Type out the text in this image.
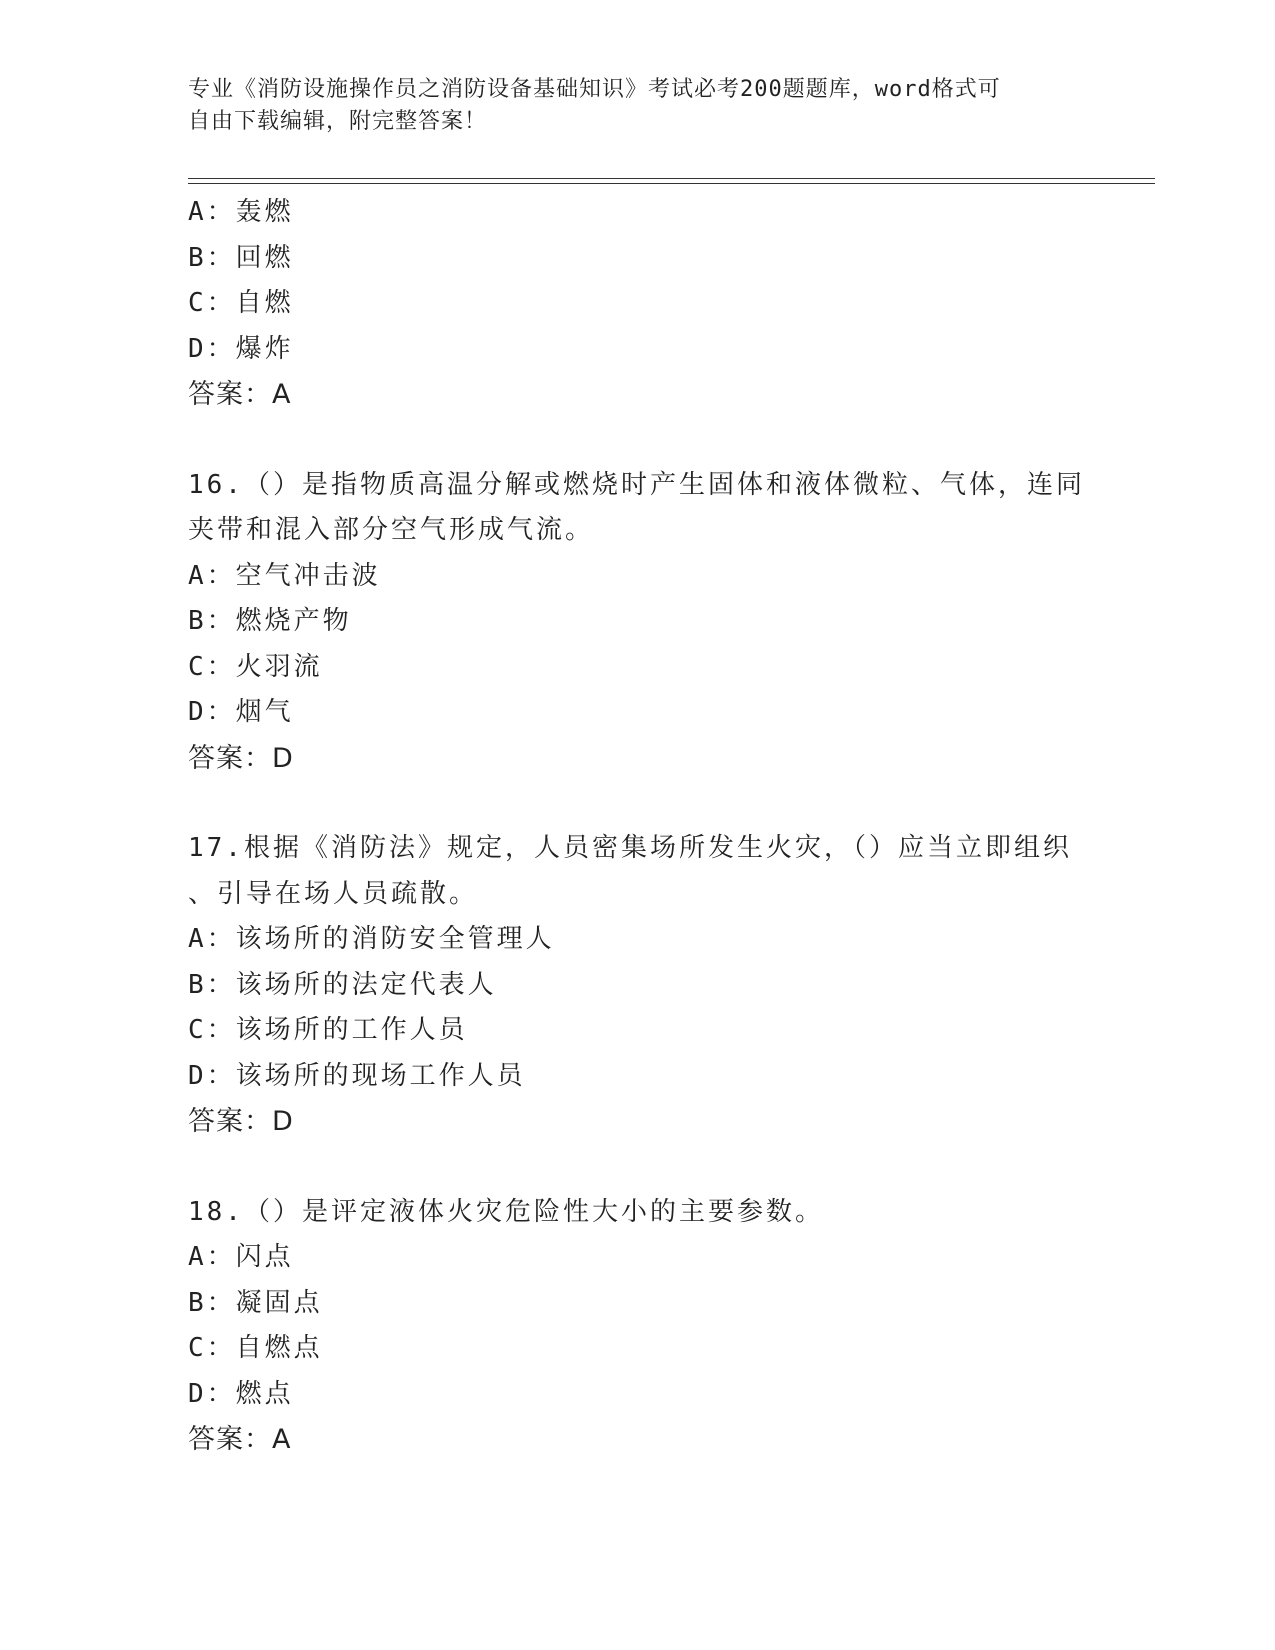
专业《消防设施操作员之消防设备基础知识》考试必考200题题库，word格式可
自由下载编辑，附完整答案！
A：轰燃
B：回燃
C：自燃
D：爆炸
答案：A
16.（）是指物质高温分解或燃烧时产生固体和液体微粒、气体，连同
夹带和混入部分空气形成气流。
A：空气冲击波
B：燃烧产物
C：火羽流
D：烟气
答案：D
17.根据《消防法》规定，人员密集场所发生火灾，（）应当立即组织
、引导在场人员疏散。
A：该场所的消防安全管理人
B：该场所的法定代表人
C：该场所的工作人员
D：该场所的现场工作人员
答案：D
18.（）是评定液体火灾危险性大小的主要参数。
A：闪点
B：凝固点
C：自燃点
D：燃点
答案：A
